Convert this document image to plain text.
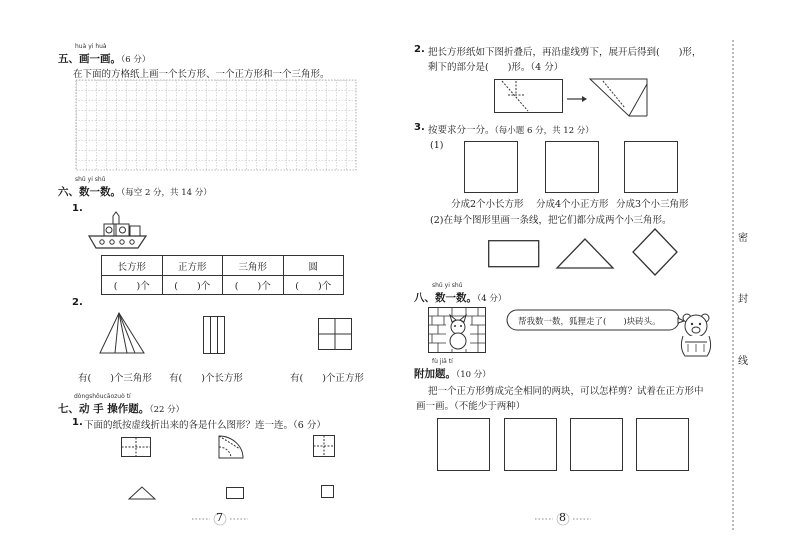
huà yi huà
五、画一画。（6 分）
在下面的方格纸上画一个长方形、一个正方形和一个三角形。
shǔ yi shǔ
六、数一数。（每空 2 分，共 14 分）
1.
长方形	正方形	三角形	圆
(　　)个	(　　)个	(　　)个	(　　)个
2.
有(　　)个三角形 有(　　)个长方形	有(　　)个正方形
dòngshǒucāozuò tí
七、动 手 操作题。（22 分）
1. 下面的纸按虚线折出来的各是什么图形？连一连。（6 分）
7
2. 把长方形纸如下图折叠后，再沿虚线剪下，展开后得到(　　)形，
剩下的部分是(　　)形。（4 分）
3. 按要求分一分。（每小题 6 分，共 12 分）
(1)
分成2个小长方形 分成4个小正方形 分成3个小三角形
(2)在每个图形里画一条线，把它们都分成两个小三角形。
shǔ yi shǔ
八、数一数。（4 分）
帮我数一数，狐狸走了(　　)块砖头。
fù jiā tí
附加题。（10 分）
把一个正方形剪成完全相同的两块，可以怎样剪？试着在正方形中
画一画。（不能少于两种）
8
密
封
线
